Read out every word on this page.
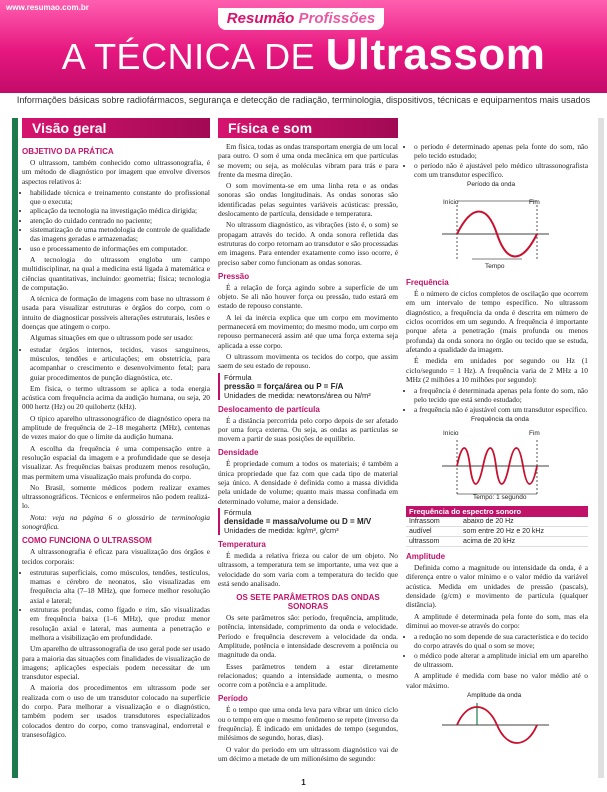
www.resumao.com.br
Resumão Profissões
A TÉCNICA DE Ultrassom
Informações básicas sobre radiofármacos, segurança e detecção de radiação, terminologia, dispositivos, técnicas e equipamentos mais usados
Visão geral	Física e som
OBJETIVO DA PRÁTICA

O ultrassom, também conhecido como ultrassonografia, é um método de diagnóstico por imagem que envolve diversos aspectos relativos à:

• habilidade técnica e treinamento constante do profissional que o executa;
• aplicação da tecnologia na investigação médica dirigida;
• atenção do cuidado centrado no paciente;
• sistematização de uma metodologia de controle de qualidade das imagens geradas e armazenadas;
• uso e processamento de informações em computador.

A tecnologia do ultrassom engloba um campo multidisciplinar, na qual a medicina está ligada à matemática e ciências quantitativas, incluindo: geometria; física; tecnologia de computação.

A técnica de formação de imagens com base no ultrassom é usada para visualizar estruturas e órgãos do corpo, com o intuito de diagnosticar possíveis alterações estruturais, lesões e doenças que atingem o corpo.

Algumas situações em que o ultrassom pode ser usado:

• estudar órgãos internos, tecidos, vasos sanguíneos, músculos, tendões e articulações; em obstetrícia, para acompanhar o crescimento e desenvolvimento fetal; para guiar procedimentos de punção diagnóstica, etc.

Em física, o termo ultrassom se aplica a toda energia acústica com frequência acima da audição humana, ou seja, 20 000 hertz (Hz) ou 20 quilohertz (kHz).

O típico aparelho ultrassonográfico de diagnóstico opera na amplitude de frequência de 2–18 megahertz (MHz), centenas de vezes maior do que o limite da audição humana.

A escolha da frequência é uma compensação entre a resolução espacial da imagem e a profundidade que se deseja visualizar. As frequências baixas produzem menos resolução, mas permitem uma visualização mais profunda do corpo.

No Brasil, somente médicos podem realizar exames ultrassonográficos. Técnicos e enfermeiros não podem realizá-lo.

Nota: veja na página 6 o glossário de terminologia sonográfica.

COMO FUNCIONA O ULTRASSOM

A ultrassonografia é eficaz para visualização dos órgãos e tecidos corporais:

• estruturas superficiais, como músculos, tendões, testículos, mamas e cérebro de neonatos, são visualizadas em frequência alta (7–18 MHz), que fornece melhor resolução axial e lateral;
• estruturas profundas, como fígado e rim, são visualizadas em frequência baixa (1–6 MHz), que produz menor resolução axial e lateral, mas aumenta a penetração e melhora a visibilização em profundidade.

Um aparelho de ultrassonografia de uso geral pode ser usado para a maioria das situações com finalidades de visualização de imagens; aplicações especiais podem necessitar de um transdutor especial.

A maioria dos procedimentos em ultrassom pode ser realizada com o uso de um transdutor colocado na superfície do corpo. Para melhorar a visualização e o diagnóstico, também podem ser usados transdutores especializados colocados dentro do corpo, como transvaginal, endorretal e transesofágico.

Em física, todas as ondas transportam energia de um local para outro. O som é uma onda mecânica em que partículas se movem; ou seja, as moléculas vibram para trás e para frente da mesma direção.

O som movimenta-se em uma linha reta e as ondas sonoras são ondas longitudinais. As ondas sonoras são identificadas pelas seguintes variáveis acústicas: pressão, deslocamento de partícula, densidade e temperatura.

No ultrassom diagnóstico, as vibrações (isto é, o som) se propagam através do tecido. A onda sonora refletida das estruturas do corpo retornam ao transdutor e são processadas em imagens. Para entender exatamente como isso ocorre, é preciso saber como funcionam as ondas sonoras.

Pressão

É a relação de força agindo sobre a superfície de um objeto. Se ali não houver força ou pressão, tudo estará em estado de repouso constante.

A lei da inércia explica que um corpo em movimento permanecerá em movimento; do mesmo modo, um corpo em repouso permanecerá assim até que uma força externa seja aplicada a esse corpo.

O ultrassom movimenta os tecidos do corpo, que assim saem de seu estado de repouso.

Fórmula
pressão = força/área ou P = F/A
Unidades de medida: newtons/área ou N/m²
Deslocamento de partícula

É a distância percorrida pelo corpo depois de ser afetado por uma força externa. Ou seja, as ondas as partículas se movem a partir de suas posições de equilíbrio.

Densidade

É propriedade comum a todos os materiais; é também a única propriedade que faz com que cada tipo de material seja único. A densidade é definida como a massa dividida pela unidade de volume; quanto mais massa confinada em determinado volume, maior a densidade.

Fórmula
densidade = massa/volume ou D = M/V
Unidades de medida: kg/m³, g/cm³
Temperatura

É medida a relativa frieza ou calor de um objeto. No ultrassom, a temperatura tem se importante, uma vez que a velocidade do som varia com a temperatura do tecido que está sendo analisado.

OS SETE PARÂMETROS DAS ONDAS SONORAS

Os sete parâmetros são: período, frequência, amplitude, potência, intensidade, comprimento da onda e velocidade. Período e frequência descrevem a velocidade da onda. Amplitude, potência e intensidade descrevem a potência ou magnitude da onda.

Esses parâmetros tendem a estar diretamente relacionados; quando a intensidade aumenta, o mesmo ocorre com a potência e a amplitude.

Período

É o tempo que uma onda leva para vibrar um único ciclo ou o tempo em que o mesmo fenômeno se repete (inverso da frequência). É indicado em unidades de tempo (segundos, milésimos de segundo, horas, dias).

O valor do período em um ultrassom diagnóstico vai de um décimo a metade de um milionésimo de segundo:

• o período é determinado apenas pela fonte do som, não pelo tecido estudado;
• o período não é ajustável pelo médico ultrassonografista com um transdutor específico.
Período da onda
Início	Fim
Tempo
Frequência

É o número de ciclos completos de oscilação que ocorrem em um intervalo de tempo específico. No ultrassom diagnóstico, a frequência da onda é descrita em número de ciclos ocorridos em um segundo. A frequência é importante porque afeta a penetração (mais profunda ou menos profunda) da onda sonora no órgão ou tecido que se estuda, afetando a qualidade da imagem.

É medida em unidades por segundo ou Hz (1 ciclo/segundo = 1 Hz). A frequência varia de 2 MHz a 10 MHz (2 milhões a 10 milhões por segundo):

• a frequência é determinada apenas pela fonte do som, não pelo tecido que está sendo estudado;
• a frequência não é ajustável com um transdutor específico.
Frequência da onda
Início	Fim
Tempo: 1 segundo
Frequência do espectro sonoro	
Infrassom	abaixo de 20 Hz
audível	som entre 20 Hz e 20 kHz
ultrassom	acima de 20 kHz
Amplitude

Definida como a magnitude ou intensidade da onda, é a diferença entre o valor mínimo e o valor médio da variável acústica. Medida em unidades de pressão (pascals), densidade (g/cm) e movimento de partícula (qualquer distância).

A amplitude é determinada pela fonte do som, mas ela diminui ao mover-se através do corpo:

• a redução no som depende de sua característica e do tecido do corpo através do qual o som se move;
• o médico pode alterar a amplitude inicial em um aparelho de ultrassom.

A amplitude é medida com base no valor médio até o valor máximo.

Amplitude da onda
1
